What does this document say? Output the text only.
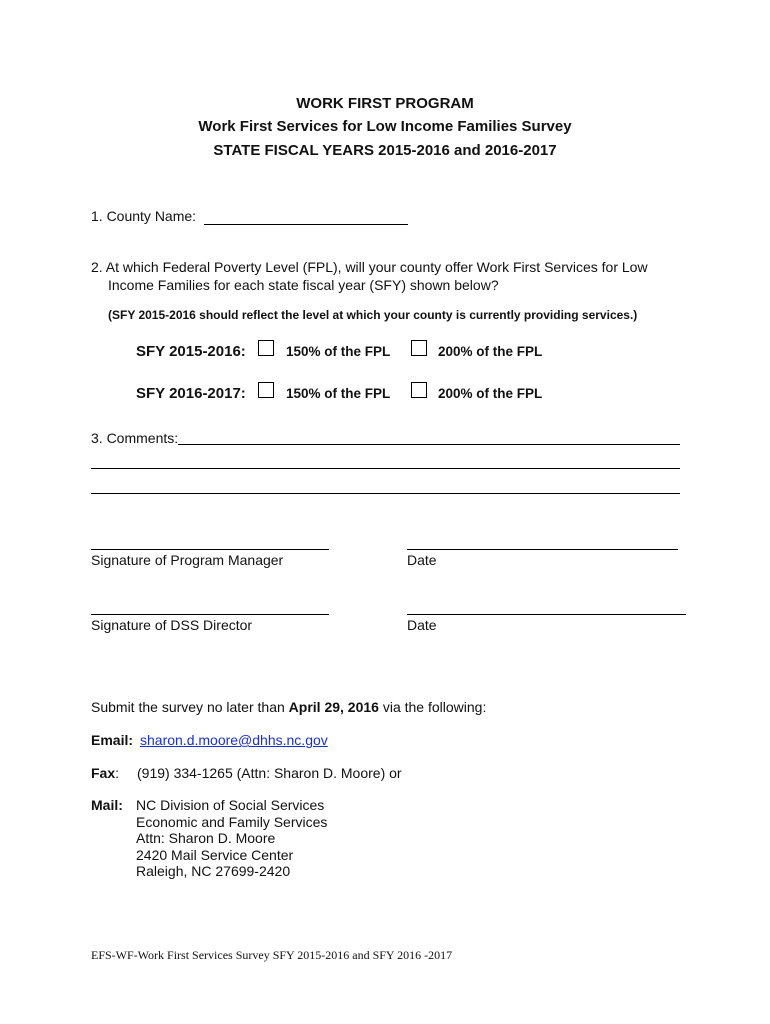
WORK FIRST PROGRAM
Work First Services for Low Income Families Survey
STATE FISCAL YEARS 2015-2016 and 2016-2017
1. County Name:
2. At which Federal Poverty Level (FPL), will your county offer Work First Services for Low
Income Families for each state fiscal year (SFY) shown below?
(SFY 2015-2016 should reflect the level at which your county is currently providing services.)
SFY 2015-2016:	150% of the FPL	200% of the FPL
SFY 2016-2017:	150% of the FPL	200% of the FPL
3. Comments:
Signature of Program Manager	Date
Signature of DSS Director	Date
Submit the survey no later than April 29, 2016 via the following:
Email: sharon.d.moore@dhhs.nc.gov
Fax: (919) 334-1265 (Attn: Sharon D. Moore) or
Mail: NC Division of Social Services
Economic and Family Services
Attn: Sharon D. Moore
2420 Mail Service Center
Raleigh, NC 27699-2420
EFS-WF-Work First Services Survey SFY 2015-2016 and SFY 2016 -2017
